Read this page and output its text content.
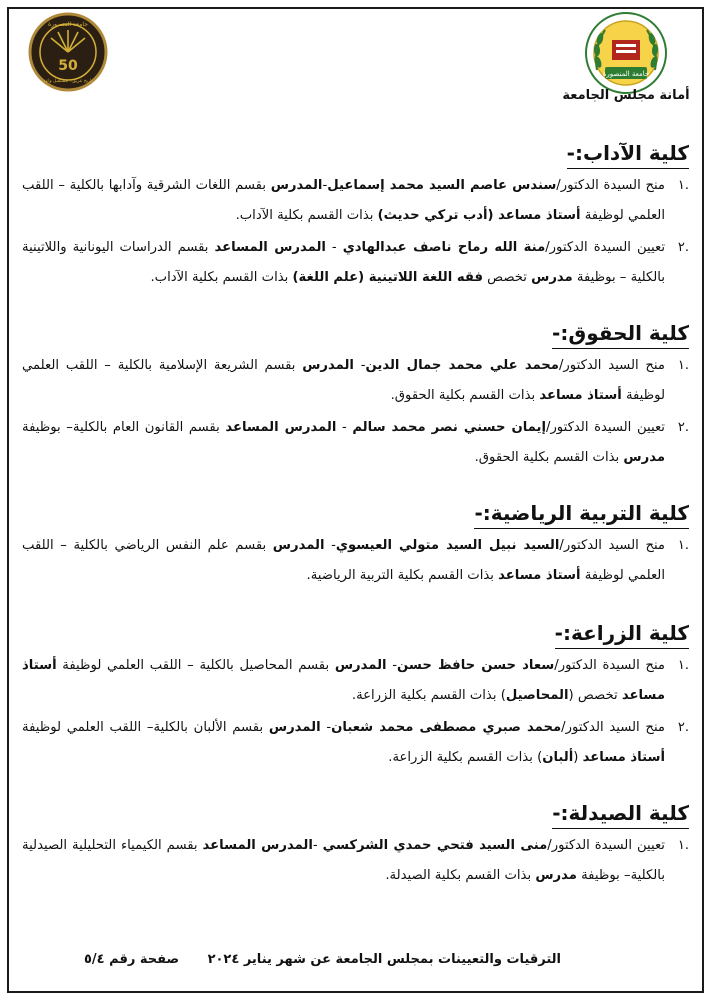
جامعة المنصورة
أمانة مجلس الجامعة
جامعة المنصورة
50
تاريخ عريق.. مستقبل واعد
كلية الآداب:-
.١
منح السيدة الدكتور/سندس عاصم السيد محمد إسماعيل-المدرس بقسم اللغات الشرقية وآدابها بالكلية – اللقب العلمي لوظيفة أستاذ مساعد (أدب تركي حديث) بذات القسم بكلية الآداب.
.٢
تعيين السيدة الدكتور/منة الله رماح ناصف عبدالهادي - المدرس المساعد بقسم الدراسات اليونانية واللاتينية بالكلية – بوظيفة مدرس تخصص فقه اللغة اللاتينية (علم اللغة) بذات القسم بكلية الآداب.
كلية الحقوق:-
.١
منح السيد الدكتور/محمد علي محمد جمال الدين- المدرس بقسم الشريعة الإسلامية بالكلية – اللقب العلمي لوظيفة أستاذ مساعد بذات القسم بكلية الحقوق.
.٢
تعيين السيدة الدكتور/إيمان حسني نصر محمد سالم - المدرس المساعد بقسم القانون العام بالكلية– بوظيفة مدرس بذات القسم بكلية الحقوق.
كلية التربية الرياضية:-
.١
منح السيد الدكتور/السيد نبيل السيد متولي العيسوي- المدرس بقسم علم النفس الرياضي بالكلية – اللقب العلمي لوظيفة أستاذ مساعد بذات القسم بكلية التربية الرياضية.
كلية الزراعة:-
.١
منح السيدة الدكتور/سعاد حسن حافظ حسن- المدرس بقسم المحاصيل بالكلية – اللقب العلمي لوظيفة أستاذ مساعد تخصص (المحاصيل) بذات القسم بكلية الزراعة.
.٢
منح السيد الدكتور/محمد صبري مصطفى محمد شعبان- المدرس بقسم الألبان بالكلية– اللقب العلمي لوظيفة أستاذ مساعد (ألبان) بذات القسم بكلية الزراعة.
كلية الصيدلة:-
.١
تعيين السيدة الدكتور/منى السيد فتحي حمدي الشركسي -المدرس المساعد بقسم الكيمياء التحليلية الصيدلية بالكلية– بوظيفة مدرس بذات القسم بكلية الصيدلة.
الترقيات والتعيينات بمجلس الجامعة عن شهر يناير ٢٠٢٤ صفحة رقم ٥/٤
